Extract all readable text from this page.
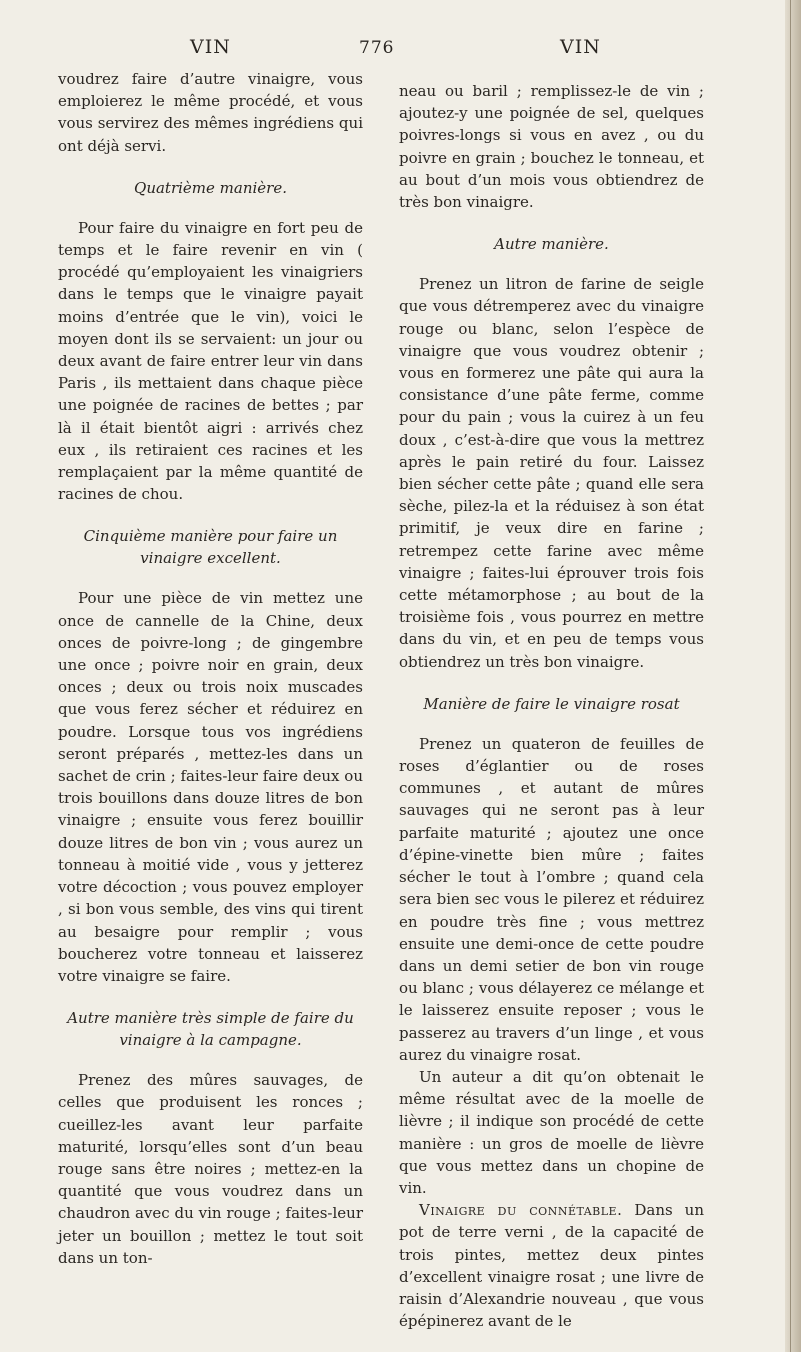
VIN	776	VIN

voudrez faire d’autre vinaigre, vous emploierez le même procédé, et vous vous servirez des mêmes ingrédiens qui ont déjà servi.

Quatrième manière.

Pour faire du vinaigre en fort peu de temps et le faire revenir en vin ( procédé qu’employaient les vinaigriers dans le temps que le vinaigre payait moins d’entrée que le vin), voici le moyen dont ils se servaient: un jour ou deux avant de faire entrer leur vin dans Paris , ils mettaient dans chaque pièce une poignée de racines de bettes ; par là il était bientôt aigri : arrivés chez eux , ils retiraient ces racines et les remplaçaient par la même quantité de racines de chou.

Cinquième manière pour faire un vinaigre excellent.

Pour une pièce de vin mettez une once de cannelle de la Chine, deux onces de poivre-long ; de gingembre une once ; poivre noir en grain, deux onces ; deux ou trois noix muscades que vous ferez sécher et réduirez en poudre. Lorsque tous vos ingrédiens seront préparés , mettez-les dans un sachet de crin ; faites-leur faire deux ou trois bouillons dans douze litres de bon vinaigre ; ensuite vous ferez bouillir douze litres de bon vin ; vous aurez un tonneau à moitié vide , vous y jetterez votre décoction ; vous pouvez employer , si bon vous semble, des vins qui tirent au besaigre pour remplir ; vous boucherez votre tonneau et laisserez votre vinaigre se faire.

Autre manière très simple de faire du vinaigre à la campagne.

Prenez des mûres sauvages, de celles que produisent les ronces ; cueillez-les avant leur parfaite maturité, lorsqu’elles sont d’un beau rouge sans être noires ; mettez-en la quantité que vous voudrez dans un chaudron avec du vin rouge ; faites-leur jeter un bouillon ; mettez le tout soit dans un ton-

neau ou baril ; remplissez-le de vin ; ajoutez-y une poignée de sel, quelques poivres-longs si vous en avez , ou du poivre en grain ; bouchez le tonneau, et au bout d’un mois vous obtiendrez de très bon vinaigre.

Autre manière.

Prenez un litron de farine de seigle que vous détremperez avec du vinaigre rouge ou blanc, selon l’espèce de vinaigre que vous voudrez obtenir ; vous en formerez une pâte qui aura la consistance d’une pâte ferme, comme pour du pain ; vous la cuirez à un feu doux , c’est-à-dire que vous la mettrez après le pain retiré du four. Laissez bien sécher cette pâte ; quand elle sera sèche, pilez-la et la réduisez à son état primitif, je veux dire en farine ; retrempez cette farine avec même vinaigre ; faites-lui éprouver trois fois cette métamorphose ; au bout de la troisième fois , vous pourrez en mettre dans du vin, et en peu de temps vous obtiendrez un très bon vinaigre.

Manière de faire le vinaigre rosat

Prenez un quateron de feuilles de roses d’églantier ou de roses communes , et autant de mûres sauvages qui ne seront pas à leur parfaite maturité ; ajoutez une once d’épine-vinette bien mûre ; faites sécher le tout à l’ombre ; quand cela sera bien sec vous le pilerez et réduirez en poudre très fine ; vous mettrez ensuite une demi-once de cette poudre dans un demi setier de bon vin rouge ou blanc ; vous délayerez ce mélange et le laisserez ensuite reposer ; vous le passerez au travers d’un linge , et vous aurez du vinaigre rosat.

Un auteur a dit qu’on obtenait le même résultat avec de la moelle de lièvre ; il indique son procédé de cette manière : un gros de moelle de lièvre que vous mettez dans un chopine de vin.

Vinaigre du connétable. Dans un pot de terre verni , de la capacité de trois pintes, mettez deux pintes d’excellent vinaigre rosat ; une livre de raisin d’Alexandrie nouveau , que vous épépinerez avant de le
